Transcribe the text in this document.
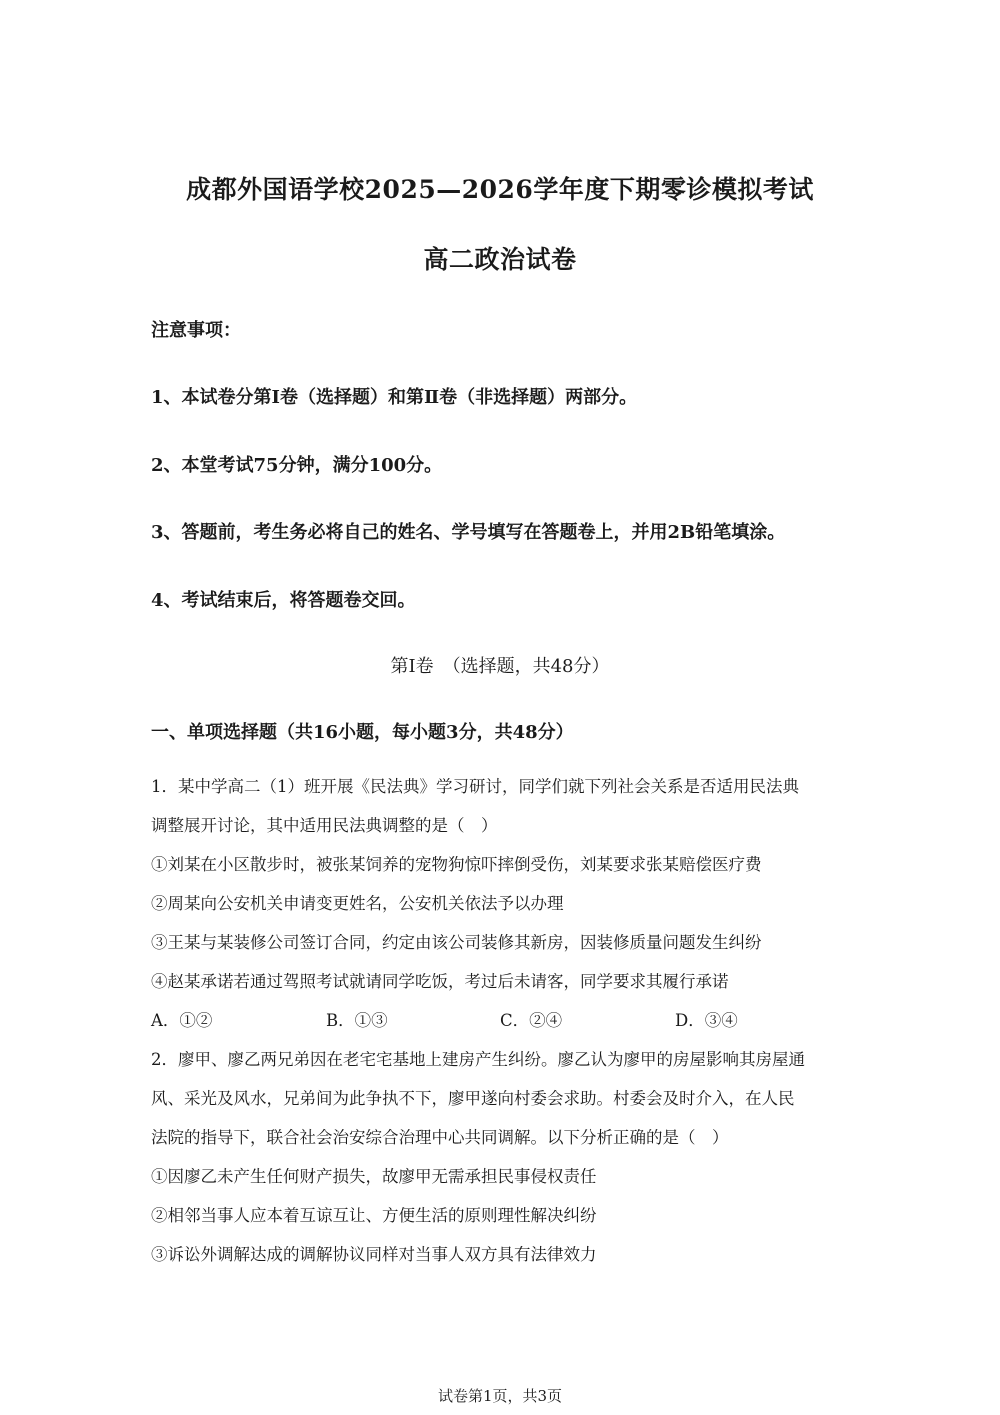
成都外国语学校2025—2026学年度下期零诊模拟考试
高二政治试卷
注意事项：
1、本试卷分第Ⅰ卷（选择题）和第Ⅱ卷（非选择题）两部分。
2、本堂考试75分钟，满分100分。
3、答题前，考生务必将自己的姓名、学号填写在答题卷上，并用2B铅笔填涂。
4、考试结束后，将答题卷交回。
第Ⅰ卷　（选择题，共48分）
一、单项选择题（共16小题，每小题3分，共48分）
1．某中学高二（1）班开展《民法典》学习研讨，同学们就下列社会关系是否适用民法典
调整展开讨论，其中适用民法典调整的是（　）
①刘某在小区散步时，被张某饲养的宠物狗惊吓摔倒受伤，刘某要求张某赔偿医疗费
②周某向公安机关申请变更姓名，公安机关依法予以办理
③王某与某装修公司签订合同，约定由该公司装修其新房，因装修质量问题发生纠纷
④赵某承诺若通过驾照考试就请同学吃饭，考过后未请客，同学要求其履行承诺
A．①②	B．①③	C．②④	D．③④
2．廖甲、廖乙两兄弟因在老宅宅基地上建房产生纠纷。廖乙认为廖甲的房屋影响其房屋通
风、采光及风水，兄弟间为此争执不下，廖甲遂向村委会求助。村委会及时介入，在人民
法院的指导下，联合社会治安综合治理中心共同调解。以下分析正确的是（　）
①因廖乙未产生任何财产损失，故廖甲无需承担民事侵权责任
②相邻当事人应本着互谅互让、方便生活的原则理性解决纠纷
③诉讼外调解达成的调解协议同样对当事人双方具有法律效力
试卷第1页，共3页
